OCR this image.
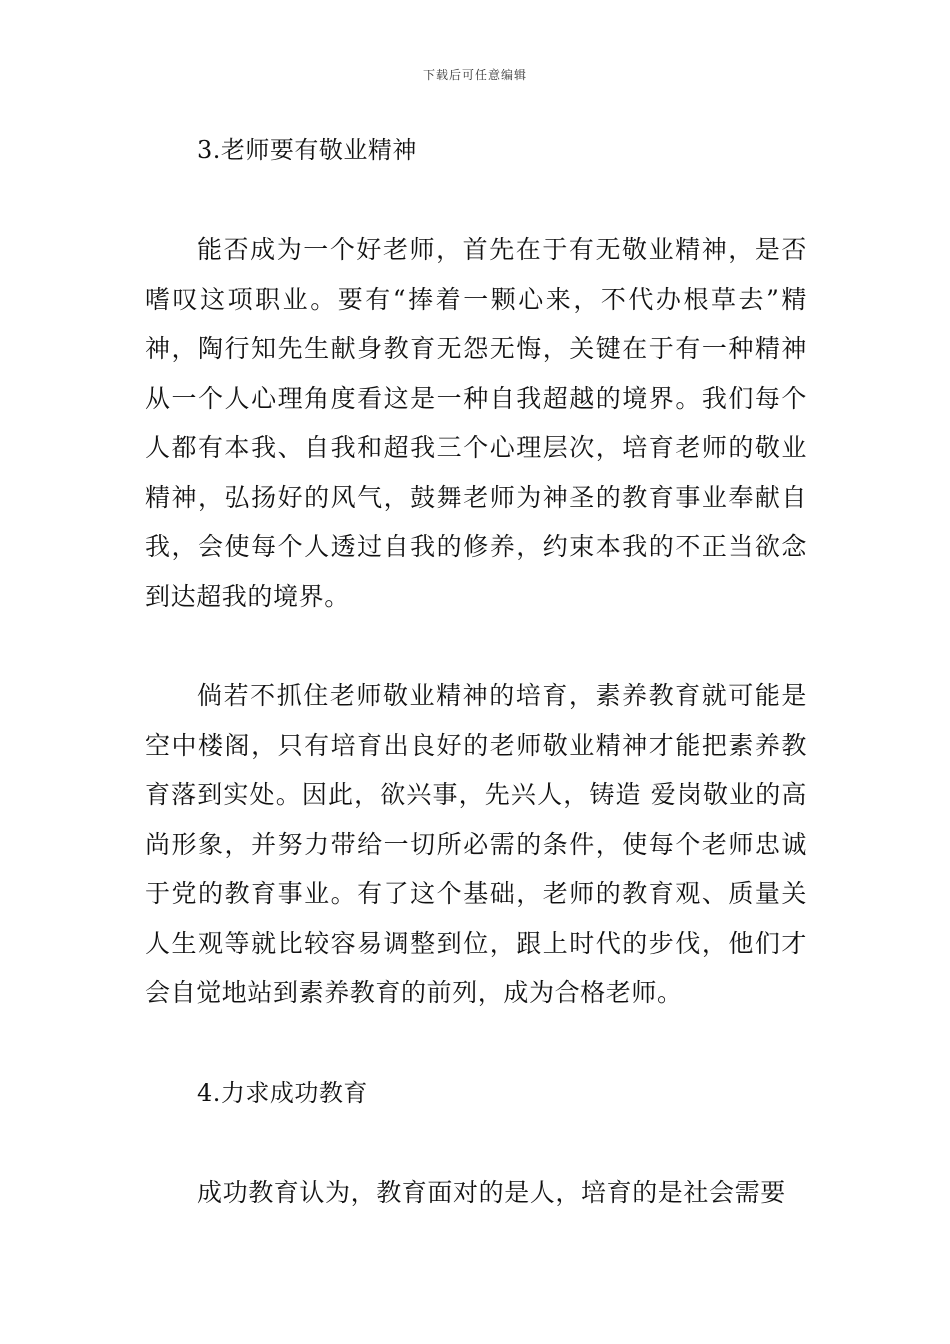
下载后可任意编辑
3.老师要有敬业精神

能否成为一个好老师，首先在于有无敬业精神，是否嗜叹这项职业。要有“捧着一颗心来，不代办根草去”精神，陶行知先生献身教育无怨无悔，关键在于有一种精神从一个人心理角度看这是一种自我超越的境界。我们每个人都有本我、自我和超我三个心理层次，培育老师的敬业精神，弘扬好的风气，鼓舞老师为神圣的教育事业奉献自我，会使每个人透过自我的修养，约束本我的不正当欲念到达超我的境界。

倘若不抓住老师敬业精神的培育，素养教育就可能是空中楼阁，只有培育出良好的老师敬业精神才能把素养教育落到实处。因此，欲兴事，先兴人，铸造 爱岗敬业的高尚形象，并努力带给一切所必需的条件，使每个老师忠诚于党的教育事业。有了这个基础，老师的教育观、质量关人生观等就比较容易调整到位，跟上时代的步伐，他们才会自觉地站到素养教育的前列，成为合格老师。

4.力求成功教育

成功教育认为，教育面对的是人，培育的是社会需要
